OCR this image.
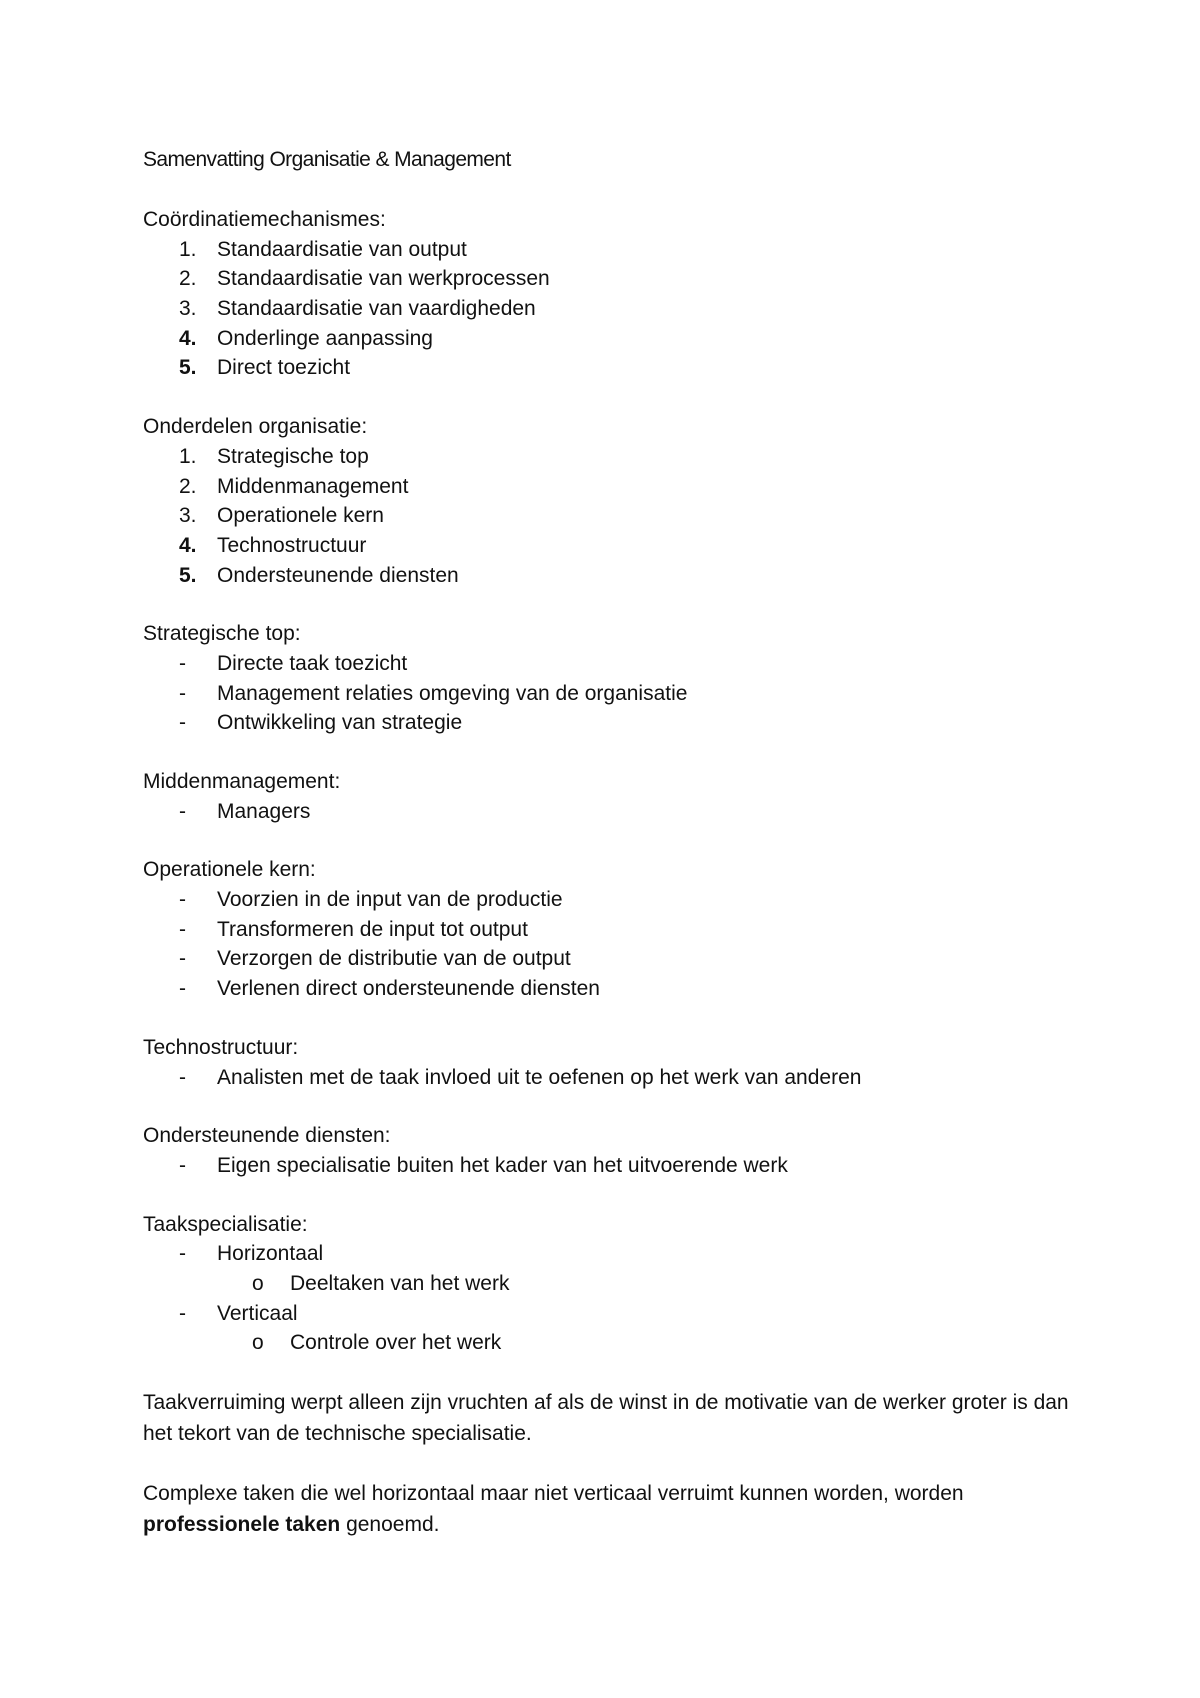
Samenvatting Organisatie & Management
Coördinatiemechanismes:
1. Standaardisatie van output
2. Standaardisatie van werkprocessen
3. Standaardisatie van vaardigheden
4. Onderlinge aanpassing
5. Direct toezicht
Onderdelen organisatie:
1. Strategische top
2. Middenmanagement
3. Operationele kern
4. Technostructuur
5. Ondersteunende diensten
Strategische top:
-	Directe taak toezicht
-	Management relaties omgeving van de organisatie
-	Ontwikkeling van strategie
Middenmanagement:
-	Managers
Operationele kern:
-	Voorzien in de input van de productie
-	Transformeren de input tot output
-	Verzorgen de distributie van de output
-	Verlenen direct ondersteunende diensten
Technostructuur:
-	Analisten met de taak invloed uit te oefenen op het werk van anderen
Ondersteunende diensten:
-	Eigen specialisatie buiten het kader van het uitvoerende werk
Taakspecialisatie:
-	Horizontaal
o	Deeltaken van het werk
-	Verticaal
o	Controle over het werk

Taakverruiming werpt alleen zijn vruchten af als de winst in de motivatie van de werker groter is dan het tekort van de technische specialisatie.

Complexe taken die wel horizontaal maar niet verticaal verruimt kunnen worden, worden professionele taken genoemd.
